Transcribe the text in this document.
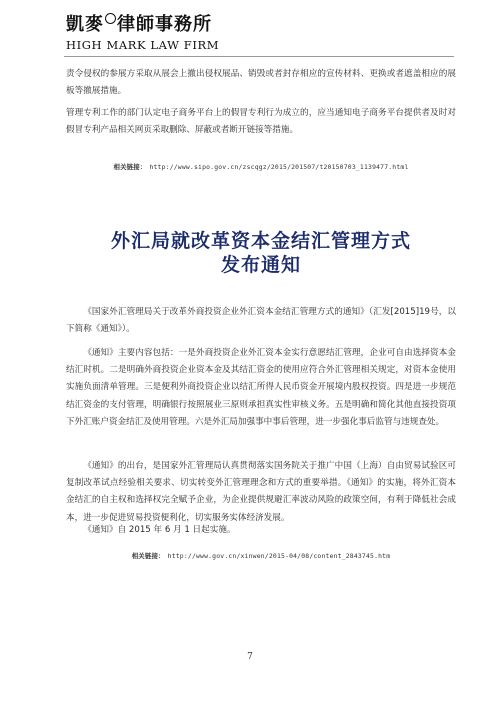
凱麥 律師事務所
HIGH MARK LAW FIRM

责令侵权的参展方采取从展会上撤出侵权展品、销毁或者封存相应的宣传材料、更换或者遮盖相应的展板等撤展措施。

管理专利工作的部门认定电子商务平台上的假冒专利行为成立的，应当通知电子商务平台提供者及时对假冒专利产品相关网页采取删除、屏蔽或者断开链接等措施。

相关链接： http://www.sipo.gov.cn/zscqgz/2015/201507/t20150703_1139477.html
外汇局就改革资本金结汇管理方式
发布通知

《国家外汇管理局关于改革外商投资企业外汇资本金结汇管理方式的通知》（汇发[2015]19号，以下简称《通知》）。

《通知》主要内容包括：一是外商投资企业外汇资本金实行意愿结汇管理，企业可自由选择资本金结汇时机。二是明确外商投资企业资本金及其结汇资金的使用应符合外汇管理相关规定，对资本金使用实施负面清单管理。三是便利外商投资企业以结汇所得人民币资金开展境内股权投资。四是进一步规范结汇资金的支付管理，明确银行按照展业三原则承担真实性审核义务。五是明确和简化其他直接投资项下外汇账户资金结汇及使用管理。六是外汇局加强事中事后管理，进一步强化事后监管与违规查处。

《通知》的出台，是国家外汇管理局认真贯彻落实国务院关于推广中国（上海）自由贸易试验区可复制改革试点经验相关要求、切实转变外汇管理理念和方式的重要举措。《通知》的实施，将外汇资本金结汇的自主权和选择权完全赋予企业，为企业提供规避汇率波动风险的政策空间，有利于降低社会成本，进一步促进贸易投资便利化，切实服务实体经济发展。

《通知》自 2015 年 6 月 1 日起实施。

相关链接： http://www.gov.cn/xinwen/2015-04/08/content_2843745.htm
7
